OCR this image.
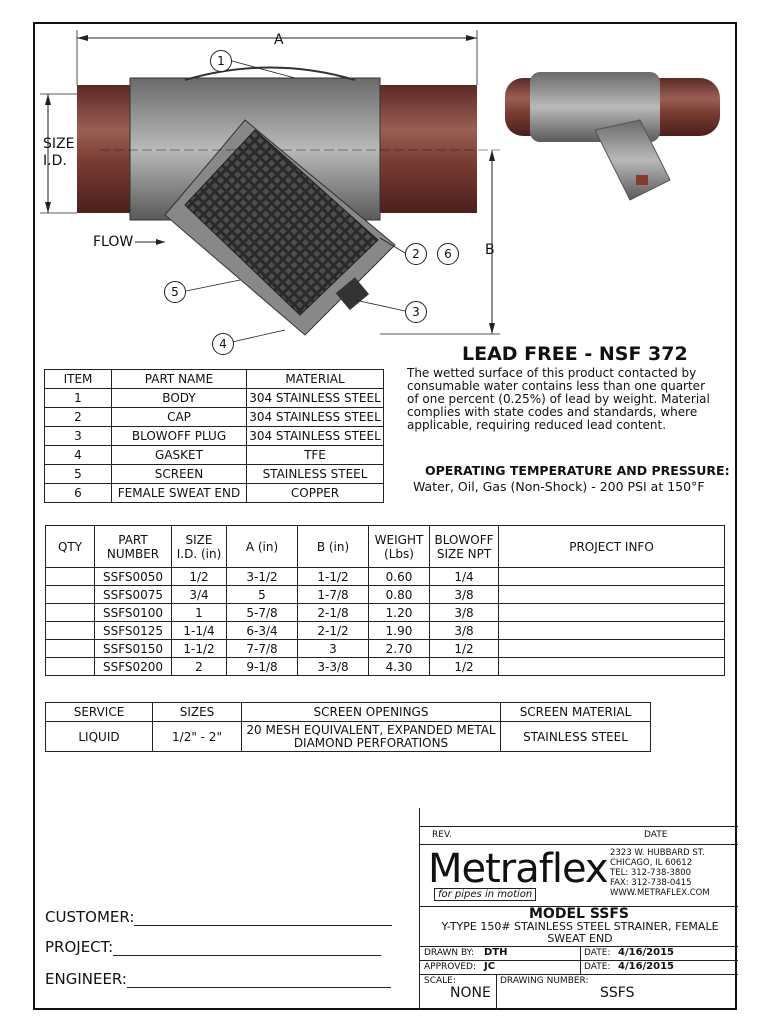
A
SIZE
I.D.
B
FLOW
1
2	6
3
5
4	LEAD FREE - NSF 372
The wetted surface of this product contacted by consumable water contains less than one quarter of one percent (0.25%) of lead by weight. Material complies with state codes and standards, where applicable, requiring reduced lead content.
OPERATING TEMPERATURE AND PRESSURE:
Water, Oil, Gas (Non-Shock) - 200 PSI at 150°F
ITEM	PART NAME	MATERIAL
1	BODY	304 STAINLESS STEEL
2	CAP	304 STAINLESS STEEL
3	BLOWOFF PLUG	304 STAINLESS STEEL
4	GASKET	TFE
5	SCREEN	STAINLESS STEEL
6	FEMALE SWEAT END	COPPER
QTY	PART NUMBER	SIZE I.D. (in)	A (in)	B (in)	WEIGHT (Lbs)	BLOWOFF SIZE NPT	PROJECT INFO
	SSFS0050	1/2	3-1/2	1-1/2	0.60	1/4	
	SSFS0075	3/4	5	1-7/8	0.80	3/8	
	SSFS0100	1	5-7/8	2-1/8	1.20	3/8	
	SSFS0125	1-1/4	6-3/4	2-1/2	1.90	3/8	
	SSFS0150	1-1/2	7-7/8	3	2.70	1/2	
	SSFS0200	2	9-1/8	3-3/8	4.30	1/2	
SERVICE	SIZES	SCREEN OPENINGS	SCREEN MATERIAL
LIQUID	1/2" - 2"	20 MESH EQUIVALENT, EXPANDED METAL DIAMOND PERFORATIONS	STAINLESS STEEL
REV.	DATE
Metraflex
for pipes in motion
2323 W. HUBBARD ST.
CHICAGO, IL 60612
TEL: 312-738-3800
FAX: 312-738-0415
WWW.METRAFLEX.COM
MODEL SSFS
Y-TYPE 150# STAINLESS STEEL STRAINER, FEMALE SWEAT END
DRAWN BY: DTH	DATE: 4/16/2015
APPROVED: JC	DATE: 4/16/2015
SCALE:
NONE
DRAWING NUMBER:
SSFS
CUSTOMER:
PROJECT:
ENGINEER:
